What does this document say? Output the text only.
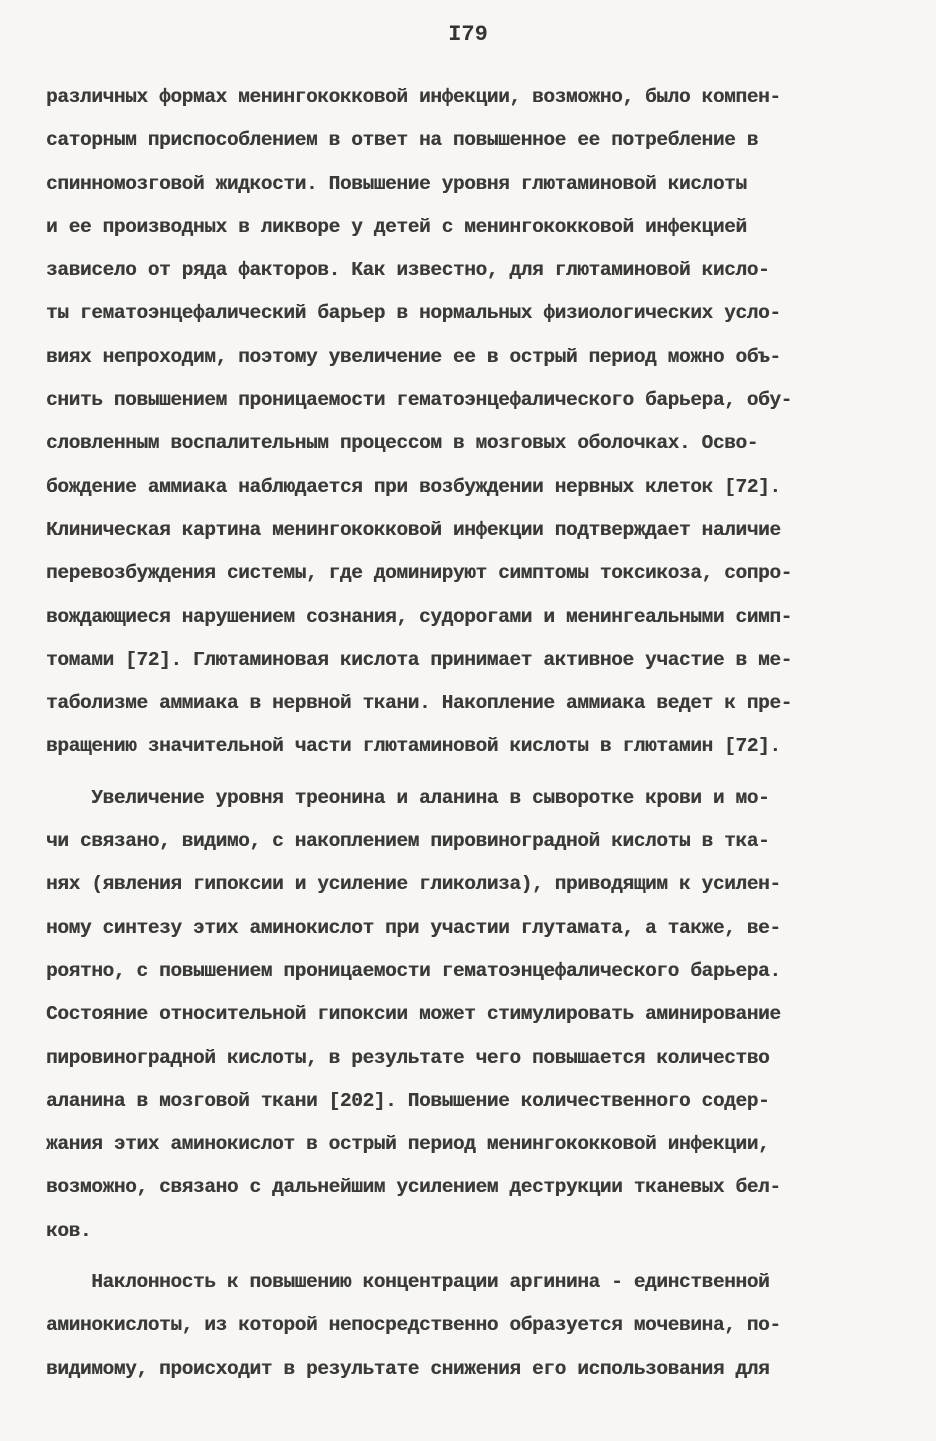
I79
различных формах менингококковой инфекции, возможно, было компен-
саторным приспособлением в ответ на повышенное ее потребление в
спинномозговой жидкости. Повышение уровня глютаминовой кислоты
и ее производных в ликворе у детей с менингококковой инфекцией
зависело от ряда факторов. Как известно, для глютаминовой кисло-
ты гематоэнцефалический барьер в нормальных физиологических усло-
виях непроходим, поэтому увеличение ее в острый период можно объ-
снить повышением проницаемости гематоэнцефалического барьера, обу-
словленным воспалительным процессом в мозговых оболочках. Осво-
бождение аммиака наблюдается при возбуждении нервных клеток [72].
Клиническая картина менингококковой инфекции подтверждает наличие
перевозбуждения системы, где доминируют симптомы токсикоза, сопро-
вождающиеся нарушением сознания, судорогами и менингеальными симп-
томами [72]. Глютаминовая кислота принимает активное участие в ме-
таболизме аммиака в нервной ткани. Накопление аммиака ведет к пре-
вращению значительной части глютаминовой кислоты в глютамин [72].
Увеличение уровня треонина и аланина в сыворотке крови и мо-
чи связано, видимо, с накоплением пировиноградной кислоты в тка-
нях (явления гипоксии и усиление гликолиза), приводящим к усилен-
ному синтезу этих аминокислот при участии глутамата, а также, ве-
роятно, с повышением проницаемости гематоэнцефалического барьера.
Состояние относительной гипоксии может стимулировать аминирование
пировиноградной кислоты, в результате чего повышается количество
аланина в мозговой ткани [202]. Повышение количественного содер-
жания этих аминокислот в острый период менингококковой инфекции,
возможно, связано с дальнейшим усилением деструкции тканевых бел-
ков.
Наклонность к повышению концентрации аргинина - единственной
аминокислоты, из которой непосредственно образуется мочевина, по-
видимому, происходит в результате снижения его использования для
